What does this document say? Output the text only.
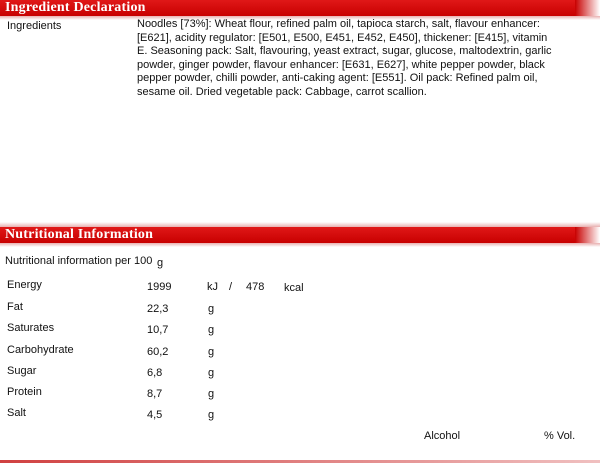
Ingredient Declaration
Ingredients	Noodles [73%]: Wheat flour, refined palm oil, tapioca starch, salt, flavour enhancer: [E621], acidity regulator: [E501, E500, E451, E452, E450], thickener: [E415], vitamin E. Seasoning pack: Salt, flavouring, yeast extract, sugar, glucose, maltodextrin, garlic powder, ginger powder, flavour enhancer: [E631, E627], white pepper powder, black pepper powder, chilli powder, anti-caking agent: [E551]. Oil pack: Refined palm oil, sesame oil. Dried vegetable pack: Cabbage, carrot scallion.
Nutritional Information
Nutritional information per 100 g
Energy	1999	kJ / 478 kcal
Fat	22,3	g
Saturates	10,7	g
Carbohydrate	60,2	g
Sugar	6,8	g
Protein	8,7	g
Salt	4,5	g
Alcohol	% Vol.
